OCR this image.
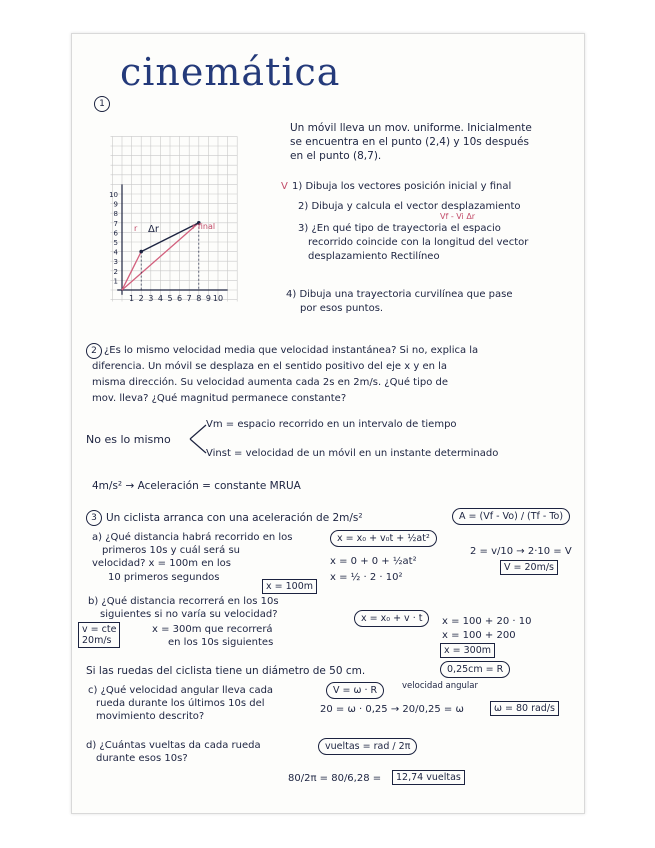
cinemática
1
1 2 3 4 5 6 7 8 9 10
1
2
3
4
5
6
7
8
9
10
r Δr	r final
Un móvil lleva un mov. uniforme. Inicialmente
se encuentra en el punto (2,4) y 10s después
en el punto (8,7).
V 1) Dibuja los vectores posición inicial y final
2) Dibuja y calcula el vector desplazamiento
Vf - Vi Δr
3) ¿En qué tipo de trayectoria el espacio
recorrido coincide con la longitud del vector
desplazamiento Rectilíneo
4) Dibuja una trayectoria curvilínea que pase
por esos puntos.
2 ¿Es lo mismo velocidad media que velocidad instantánea? Si no, explica la
diferencia. Un móvil se desplaza en el sentido positivo del eje x y en la
misma dirección. Su velocidad aumenta cada 2s en 2m/s. ¿Qué tipo de
mov. lleva? ¿Qué magnitud permanece constante?
No es lo mismo
Vm = espacio recorrido en un intervalo de tiempo
Vinst = velocidad de un móvil en un instante determinado
4m/s² → Aceleración = constante MRUA
3 Un ciclista arranca con una aceleración de 2m/s²	A = (Vf - Vo) / (Tf - To)
a) ¿Qué distancia habrá recorrido en los
primeros 10s y cuál será su
velocidad? x = 100m en los
10 primeros segundos
x = x₀ + v₀t + ½at²
x = 0 + 0 + ½at²
x = ½ · 2 · 10²
x = 100m
2 = v/10 → 2·10 = V
V = 20m/s
b) ¿Qué distancia recorrerá en los 10s
siguientes si no varía su velocidad?	x = x₀ + v · t
v = cte
20m/s
x = 300m que recorrerá
en los 10s siguientes
x = 100 + 20 · 10
x = 100 + 200
x = 300m
Si las ruedas del ciclista tiene un diámetro de 50 cm.	0,25cm = R
c) ¿Qué velocidad angular lleva cada
rueda durante los últimos 10s del
movimiento descrito?
V = ω · R	velocidad angular
20 = ω · 0,25 → 20/0,25 = ω	ω = 80 rad/s
d) ¿Cuántas vueltas da cada rueda
durante esos 10s?
vueltas = rad / 2π
80/2π = 80/6,28 =	12,74 vueltas
